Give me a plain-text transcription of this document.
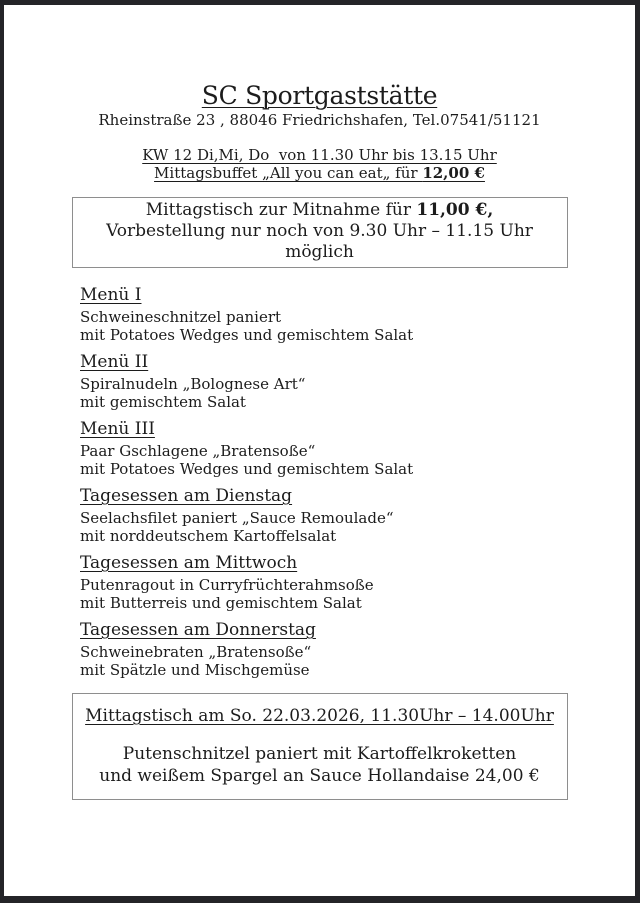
SC Sportgaststätte
Rheinstraße 23 , 88046 Friedrichshafen, Tel.07541/51121
KW 12 Di,Mi, Do  von 11.30 Uhr bis 13.15 Uhr
Mittagsbuffet „All you can eat„ für 12,00 €
Mittagstisch zur Mitnahme für 11,00 €,
Vorbestellung nur noch von 9.30 Uhr – 11.15 Uhr möglich
Menü I
Schweineschnitzel paniert
mit Potatoes Wedges und gemischtem Salat
Menü II
Spiralnudeln „Bolognese Art“
mit gemischtem Salat
Menü III
Paar Gschlagene „Bratensoße“
mit Potatoes Wedges und gemischtem Salat
Tagesessen am Dienstag
Seelachsfilet paniert „Sauce Remoulade“
mit norddeutschem Kartoffelsalat
Tagesessen am Mittwoch
Putenragout in Curryfrüchterahmsoße
mit Butterreis und gemischtem Salat
Tagesessen am Donnerstag
Schweinebraten „Bratensoße“
mit Spätzle und Mischgemüse
Mittagstisch am So. 22.03.2026, 11.30Uhr – 14.00Uhr
Putenschnitzel paniert mit Kartoffelkroketten
und weißem Spargel an Sauce Hollandaise 24,00 €
